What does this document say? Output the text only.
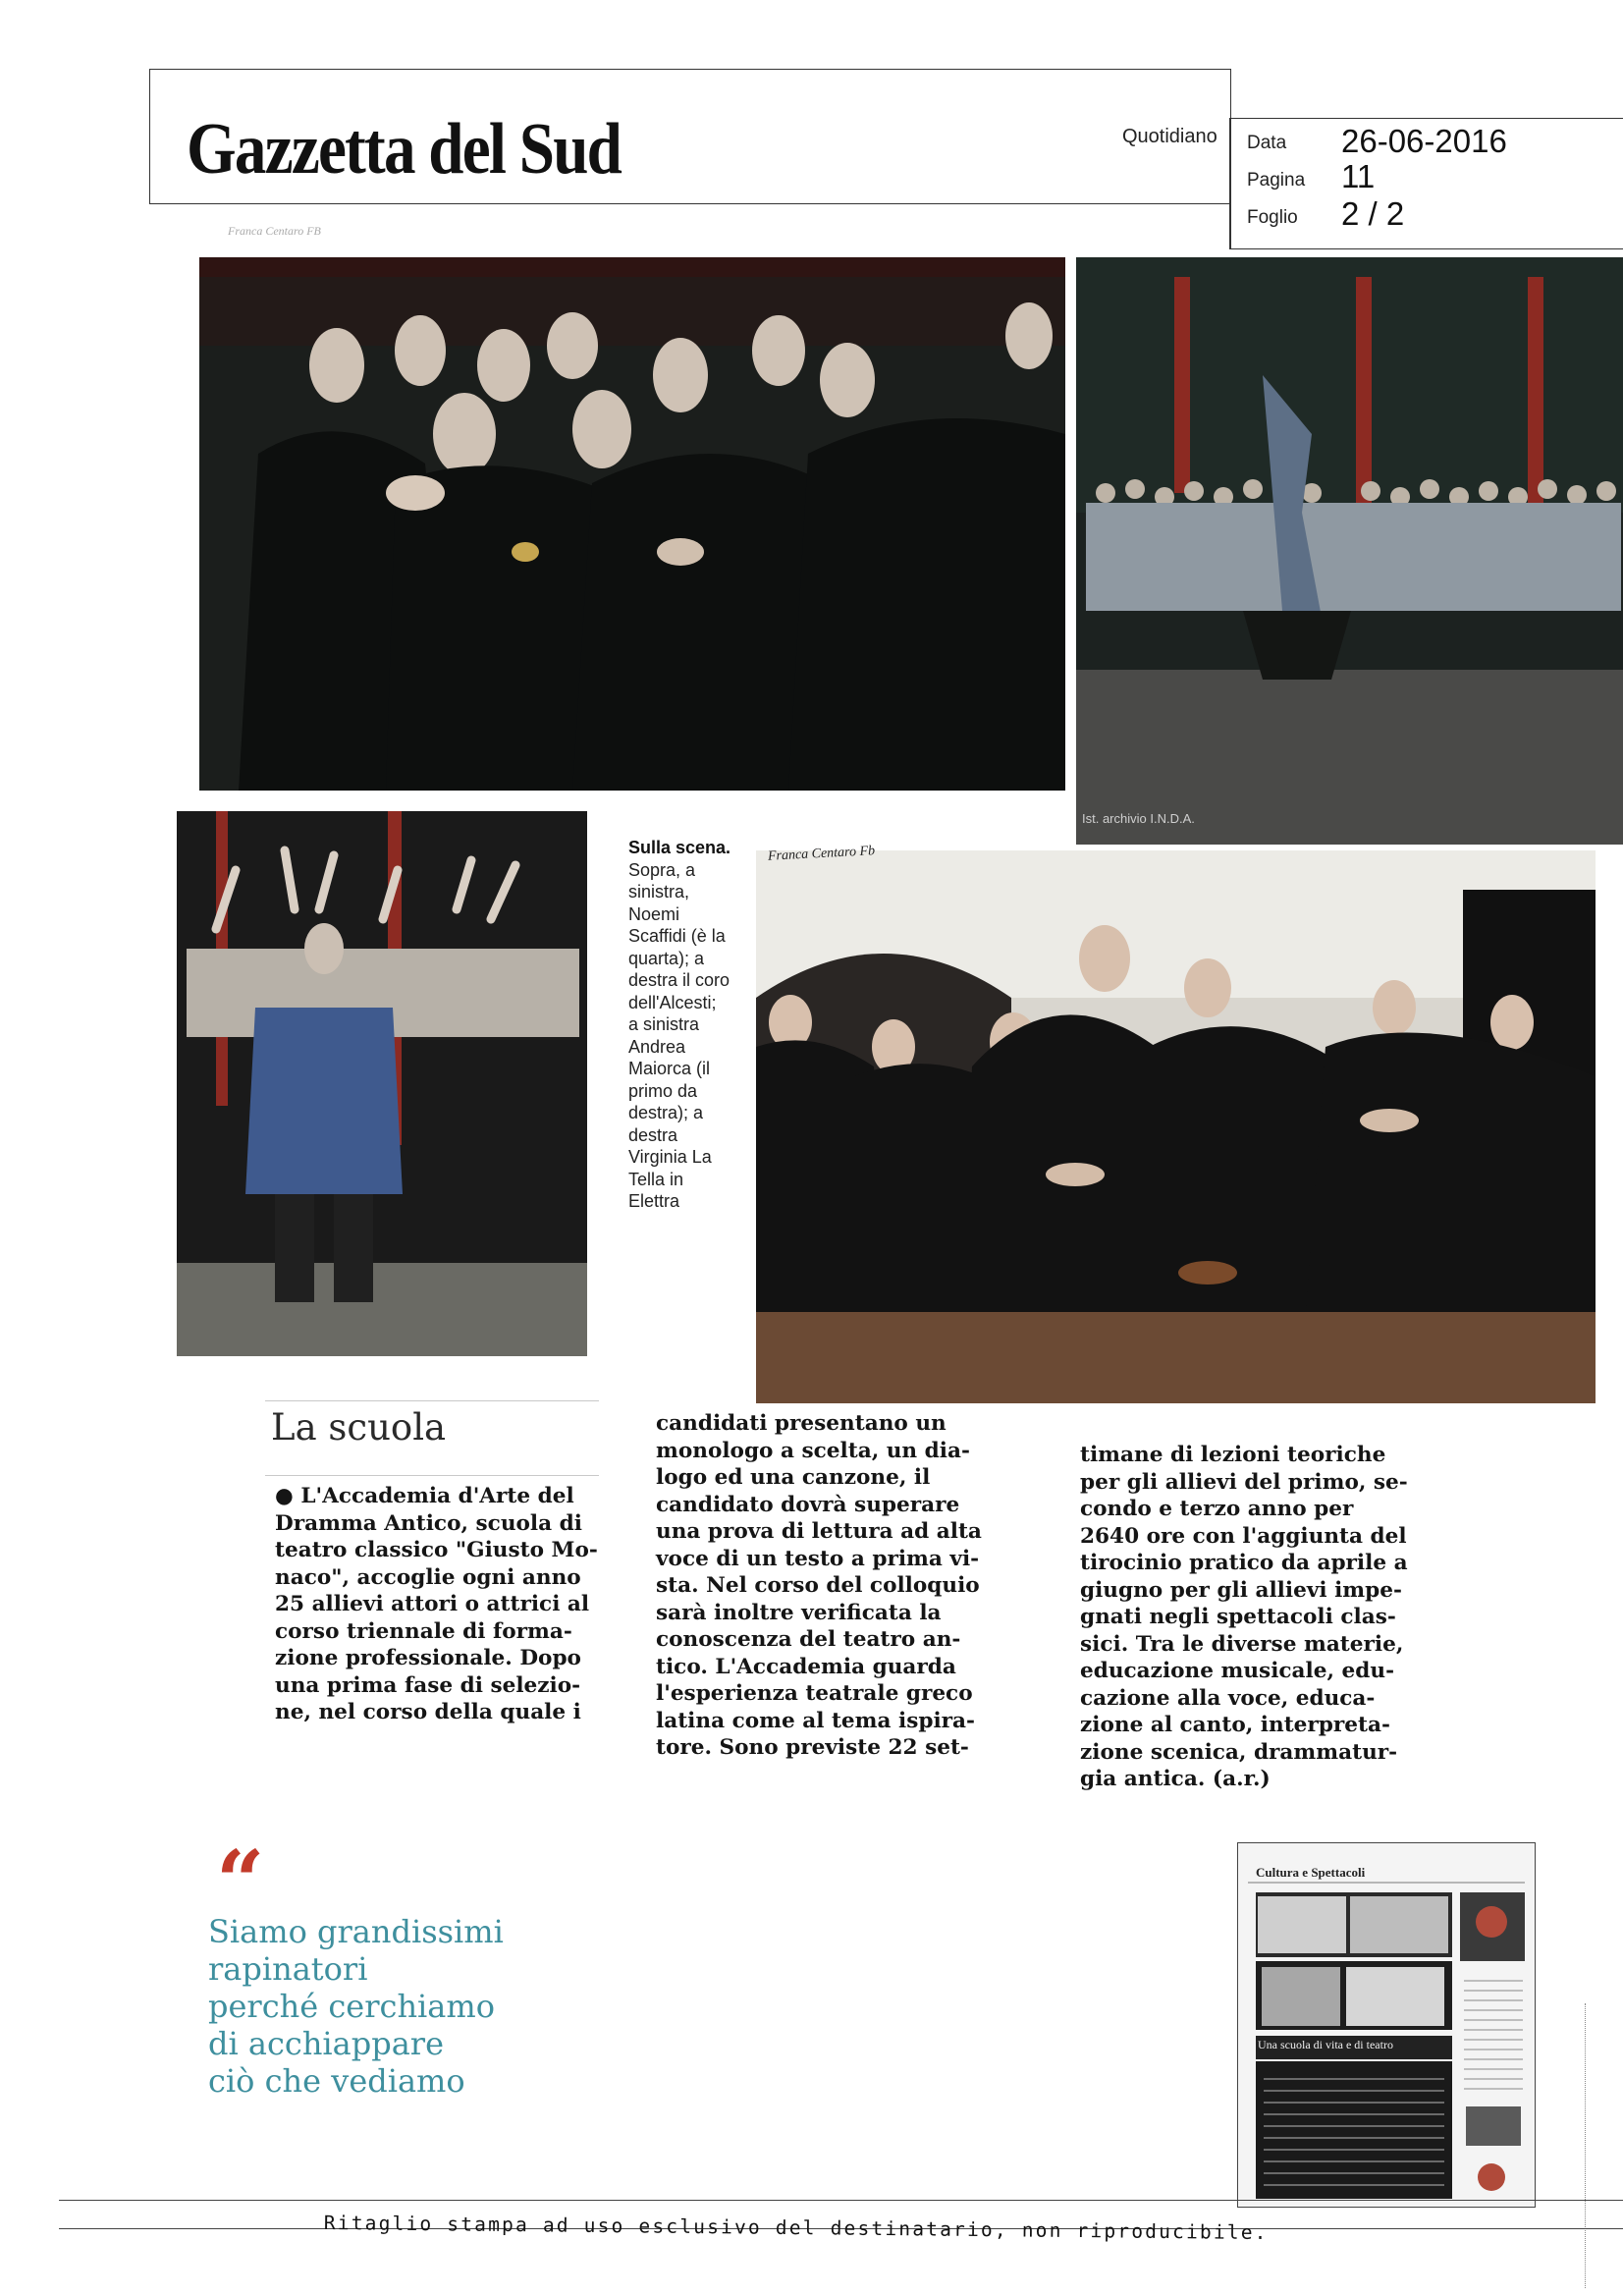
Gazzetta del Sud	Quotidiano Data 26-06-2016
Pagina 11
Foglio 2 / 2
Franca Centaro FB
Ist. archivio I.N.D.A.
Sulla scena.
Sopra, a
sinistra,
Noemi
Scaffidi (è la
quarta); a
destra il coro
dell'Alcesti;
a sinistra
Andrea
Maiorca (il
primo da
destra); a
destra
Virginia La
Tella in
Elettra
Franca Centaro Fb
La scuola

● L'Accademia d'Arte del

Dramma Antico, scuola di

teatro classico "Giusto Mo-

naco", accoglie ogni anno

25 allievi attori o attrici al

corso triennale di forma-

zione professionale. Dopo

una prima fase di selezio-

ne, nel corso della quale i

candidati presentano un

monologo a scelta, un dia-

logo ed una canzone, il

candidato dovrà superare

una prova di lettura ad alta

voce di un testo a prima vi-

sta. Nel corso del colloquio

sarà inoltre verificata la

conoscenza del teatro an-

tico. L'Accademia guarda

l'esperienza teatrale greco

latina come al tema ispira-

tore. Sono previste 22 set-

timane di lezioni teoriche

per gli allievi del primo, se-

condo e terzo anno per

2640 ore con l'aggiunta del

tirocinio pratico da aprile a

giugno per gli allievi impe-

gnati negli spettacoli clas-

sici. Tra le diverse materie,

educazione musicale, edu-

cazione alla voce, educa-

zione al canto, interpreta-

zione scenica, drammatur-

gia antica. (a.r.)

“

Siamo grandissimi

rapinatori

perché cerchiamo

di acchiappare

ciò che vediamo

Cultura e Spettacoli
Una scuola di vita e di teatro
Ritaglio stampa ad uso esclusivo del destinatario, non riproducibile.
